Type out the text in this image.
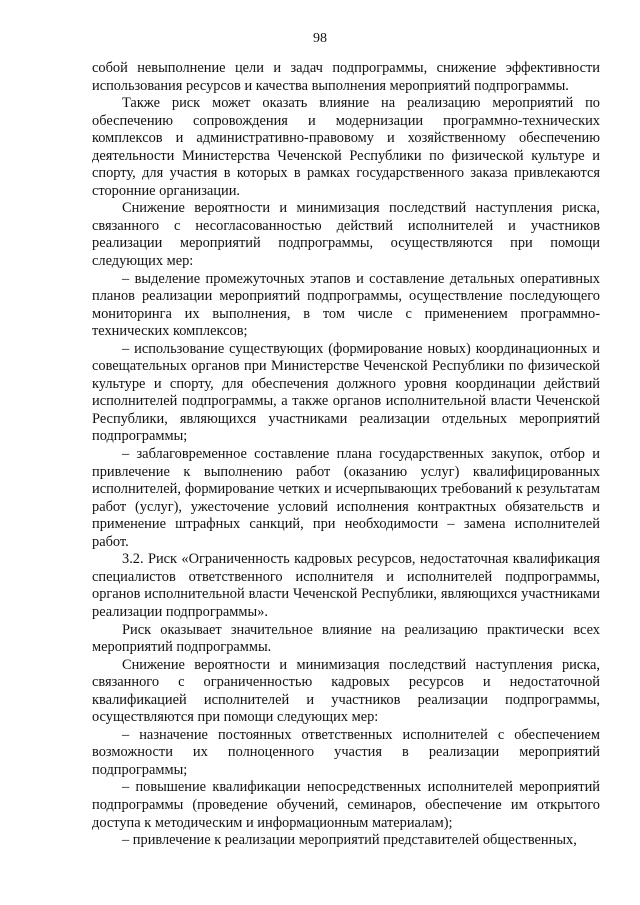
98

собой невыполнение цели и задач подпрограммы, снижение эффективности использования ресурсов и качества выполнения мероприятий подпрограммы.

Также риск может оказать влияние на реализацию мероприятий по обеспечению сопровождения и модернизации программно-технических комплексов и административно-правовому и хозяйственному обеспечению деятельности Министерства Чеченской Республики по физической культуре и спорту, для участия в которых в рамках государственного заказа привлекаются сторонние организации.

Снижение вероятности и минимизация последствий наступления риска, связанного с несогласованностью действий исполнителей и участников реализации мероприятий подпрограммы, осуществляются при помощи следующих мер:

– выделение промежуточных этапов и составление детальных оперативных планов реализации мероприятий подпрограммы, осуществление последующего мониторинга их выполнения, в том числе с применением программно-технических комплексов;

– использование существующих (формирование новых) координационных и совещательных органов при Министерстве Чеченской Республики по физической культуре и спорту, для обеспечения должного уровня координации действий исполнителей подпрограммы, а также органов исполнительной власти Чеченской Республики, являющихся участниками реализации отдельных мероприятий подпрограммы;

– заблаговременное составление плана государственных закупок, отбор и привлечение к выполнению работ (оказанию услуг) квалифицированных исполнителей, формирование четких и исчерпывающих требований к результатам работ (услуг), ужесточение условий исполнения контрактных обязательств и применение штрафных санкций, при необходимости – замена исполнителей работ.

3.2. Риск «Ограниченность кадровых ресурсов, недостаточная квалификация специалистов ответственного исполнителя и исполнителей подпрограммы, органов исполнительной власти Чеченской Республики, являющихся участниками реализации подпрограммы».

Риск оказывает значительное влияние на реализацию практически всех мероприятий подпрограммы.

Снижение вероятности и минимизация последствий наступления риска, связанного с ограниченностью кадровых ресурсов и недостаточной квалификацией исполнителей и участников реализации подпрограммы, осуществляются при помощи следующих мер:

– назначение постоянных ответственных исполнителей с обеспечением возможности их полноценного участия в реализации мероприятий подпрограммы;

– повышение квалификации непосредственных исполнителей мероприятий подпрограммы (проведение обучений, семинаров, обеспечение им открытого доступа к методическим и информационным материалам);

– привлечение к реализации мероприятий представителей общественных,
